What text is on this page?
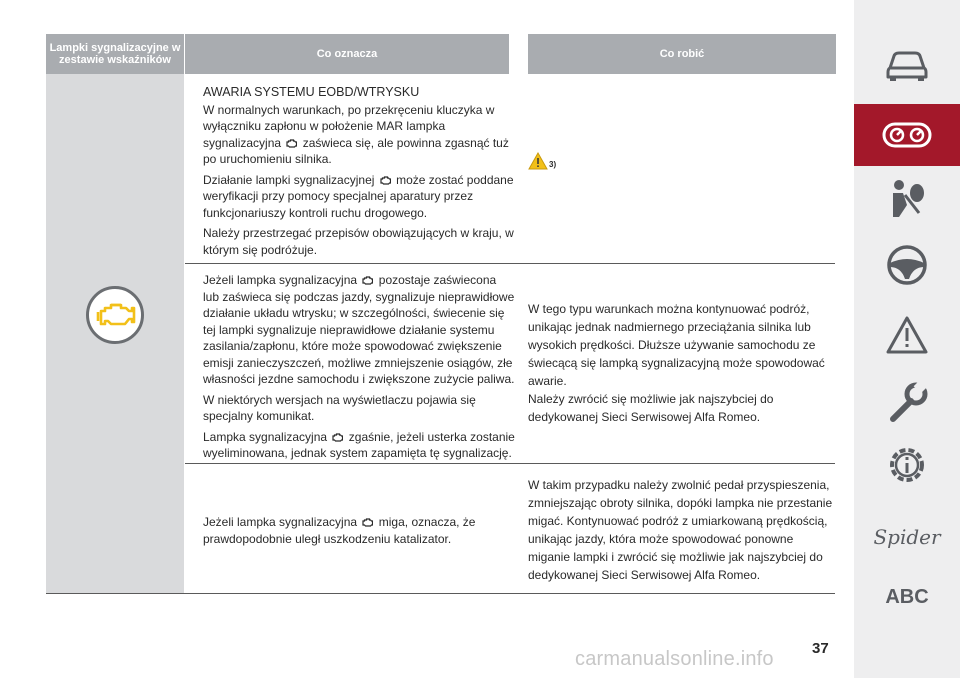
Lampki sygnalizacyjne w zestawie wskaźników	Co oznacza	Co robić

AWARIA SYSTEMU EOBD/WTRYSKU

W normalnych warunkach, po przekręceniu kluczyka w wyłączniku zapłonu w położenie MAR lampka sygnalizacyjna zaświeca się, ale powinna zgasnąć tuż po uruchomieniu silnika.

Działanie lampki sygnalizacyjnej może zostać poddane weryfikacji przy pomocy specjalnej aparatury przez funkcjonariuszy kontroli ruchu drogowego.

Należy przestrzegać przepisów obowiązujących w kraju, w którym się podróżuje.

3)

Jeżeli lampka sygnalizacyjna pozostaje zaświecona lub zaświeca się podczas jazdy, sygnalizuje nieprawidłowe działanie układu wtrysku; w szczególności, świecenie się tej lampki sygnalizuje nieprawidłowe działanie systemu zasilania/zapłonu, które może spowodować zwiększenie emisji zanieczyszczeń, możliwe zmniejszenie osiągów, złe własności jezdne samochodu i zwiększone zużycie paliwa.

W niektórych wersjach na wyświetlaczu pojawia się specjalny komunikat.

Lampka sygnalizacyjna zgaśnie, jeżeli usterka zostanie wyeliminowana, jednak system zapamięta tę sygnalizację.

W tego typu warunkach można kontynuować podróż, unikając jednak nadmiernego przeciążania silnika lub wysokich prędkości. Dłuższe używanie samochodu ze świecącą się lampką sygnalizacyjną może spowodować awarie.

Należy zwrócić się możliwie jak najszybciej do dedykowanej Sieci Serwisowej Alfa Romeo.

Jeżeli lampka sygnalizacyjna miga, oznacza, że prawdopodobnie uległ uszkodzeniu katalizator.

W takim przypadku należy zwolnić pedał przyspieszenia, zmniejszając obroty silnika, dopóki lampka nie przestanie migać. Kontynuować podróż z umiarkowaną prędkością, unikając jazdy, która może spowodować ponowne miganie lampki i zwrócić się możliwie jak najszybciej do dedykowanej Sieci Serwisowej Alfa Romeo.

37
Spider
ABC
carmanualsonline.info
